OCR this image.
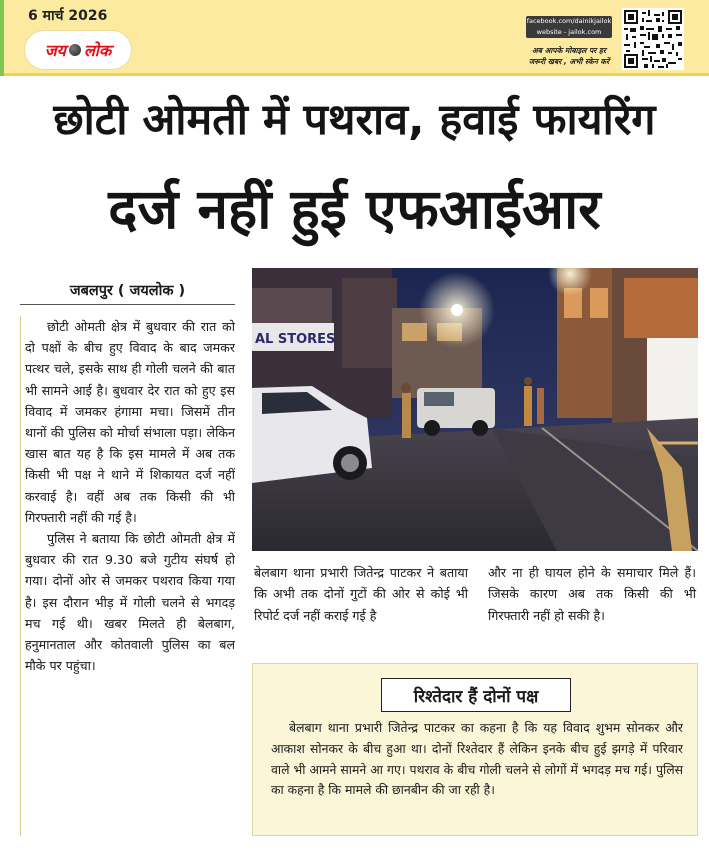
6 मार्च 2026
जय लोक
facebook.com/dainikjailok
website - jailok.com
अब आपके मोबाइल पर हर
जरूरी खबर , अभी स्केन करें
छोटी ओमती में पथराव, हवाई फायरिंग
दर्ज नहीं हुई एफआईआर
जबलपुर ( जयलोक )

छोटी ओमती क्षेत्र में बुधवार की रात को दो पक्षों के बीच हुए विवाद के बाद जमकर पत्थर चले, इसके साथ ही गोली चलने की बात भी सामने आई है। बुधवार देर रात को हुए इस विवाद में जमकर हंगामा मचा। जिसमें तीन थानों की पुलिस को मोर्चा संभाला पड़ा। लेकिन खास बात यह है कि इस मामले में अब तक किसी भी पक्ष ने थाने में शिकायत दर्ज नहीं करवाई है। वहीं अब तक किसी की भी गिरफ्तारी नहीं की गई है।

पुलिस ने बताया कि छोटी ओमती क्षेत्र में बुधवार की रात 9.30 बजे गुटीय संघर्ष हो गया। दोनों ओर से जमकर पथराव किया गया है। इस दौरान भीड़ में गोली चलने से भगदड़ मच गई थी। खबर मिलते ही बेलबाग, हनुमानताल और कोतवाली पुलिस का बल मौके पर पहुंचा।

AL STORES
बेलबाग थाना प्रभारी जितेन्द्र पाटकर ने बताया कि अभी तक दोनों गुटों की ओर से कोई भी रिपोर्ट दर्ज नहीं कराई गई है
और ना ही घायल होने के समाचार मिले हैं। जिसके कारण अब तक किसी की भी गिरफ्तारी नहीं हो सकी है।
रिश्तेदार हैं दोनों पक्ष
बेलबाग थाना प्रभारी जितेन्द्र पाटकर का कहना है कि यह विवाद शुभम सोनकर और आकाश सोनकर के बीच हुआ था। दोनों रिश्तेदार हैं लेकिन इनके बीच हुई झगड़े में परिवार वाले भी आमने सामने आ गए। पथराव के बीच गोली चलने से लोगों में भगदड़ मच गई। पुलिस का कहना है कि मामले की छानबीन की जा रही है।
